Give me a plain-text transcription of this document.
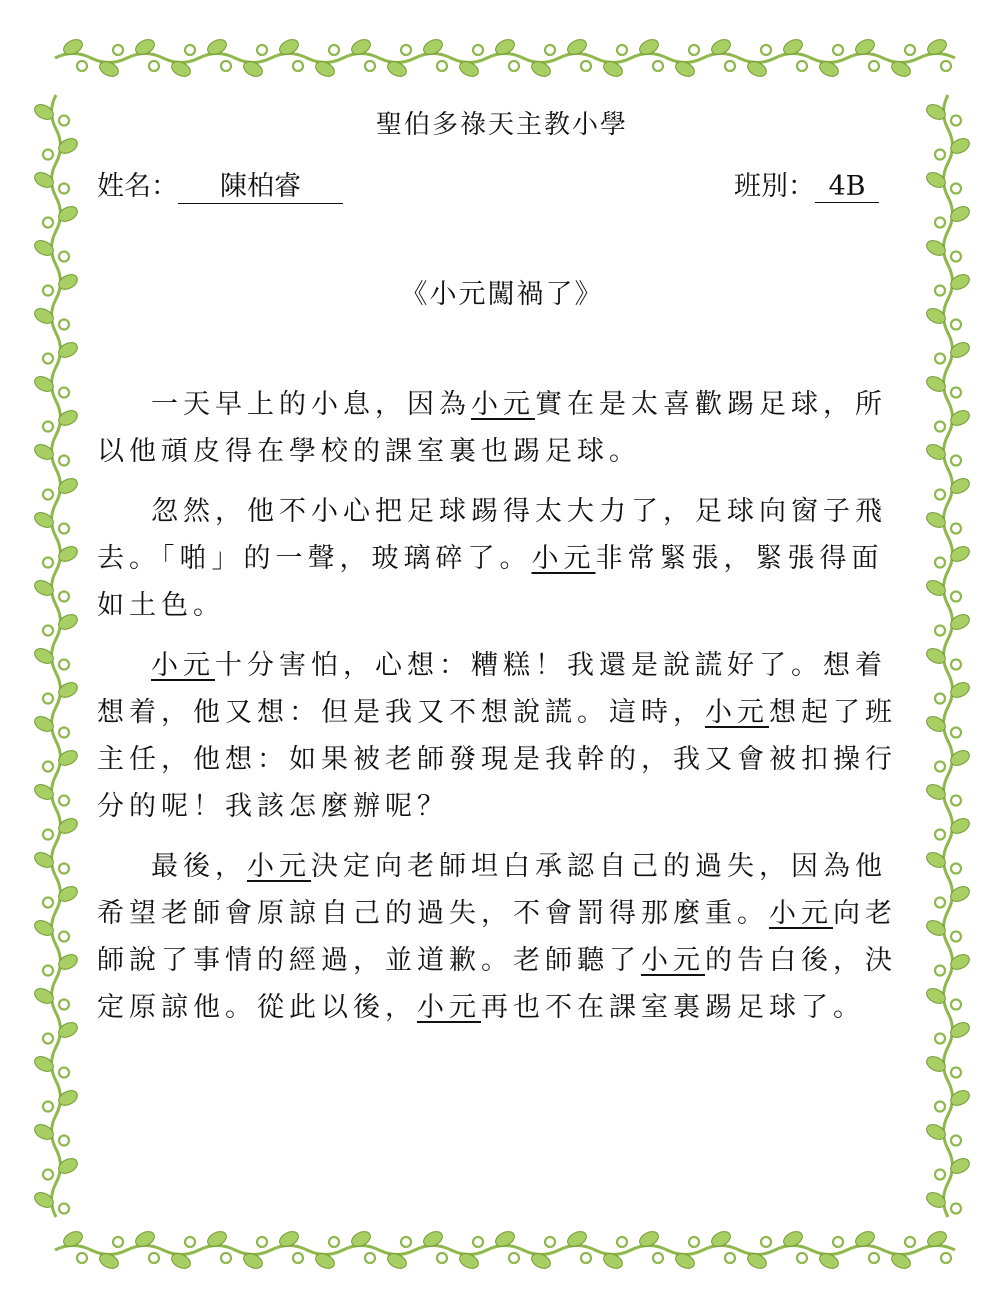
聖伯多祿天主教小學
姓名： 陳柏睿	班別： 4B
《小元闖禍了》

一天早上的小息，因為小元實在是太喜歡踢足球，所以他頑皮得在學校的課室裏也踢足球。

忽然，他不小心把足球踢得太大力了，足球向窗子飛去。「啪」的一聲，玻璃碎了。小元非常緊張，緊張得面如土色。

小元十分害怕，心想：糟糕！我還是說謊好了。想着想着，他又想：但是我又不想說謊。這時，小元想起了班主任，他想：如果被老師發現是我幹的，我又會被扣操行分的呢！我該怎麼辦呢？

最後，小元決定向老師坦白承認自己的過失，因為他希望老師會原諒自己的過失，不會罰得那麼重。小元向老師說了事情的經過，並道歉。老師聽了小元的告白後，決定原諒他。從此以後，小元再也不在課室裏踢足球了。
